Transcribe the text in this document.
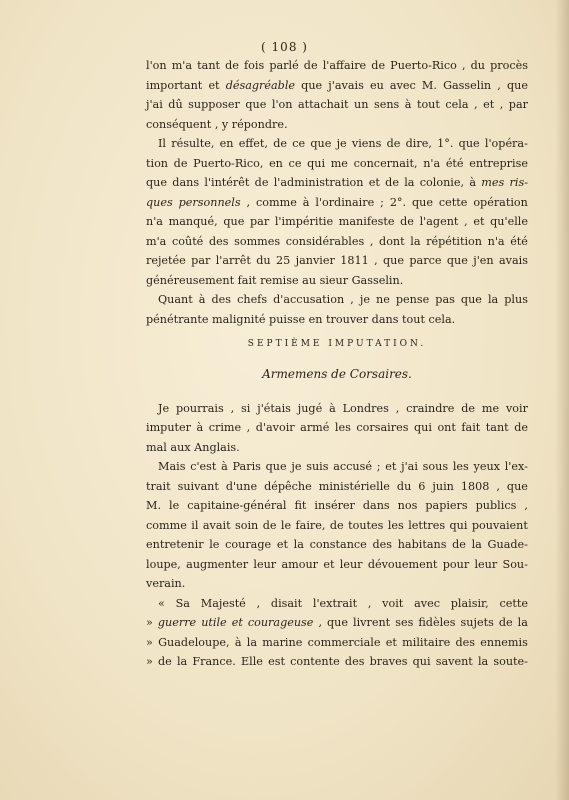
( 108 )
l'on m'a tant de fois parlé de l'affaire de Puerto-Rico , du procès
important et désagréable que j'avais eu avec M. Gasselin , que
j'ai dû supposer que l'on attachait un sens à tout cela , et , par
conséquent , y répondre.
Il résulte, en effet, de ce que je viens de dire, 1°. que l'opéra-
tion de Puerto-Rico, en ce qui me concernait, n'a été entreprise
que dans l'intérêt de l'administration et de la colonie, à mes ris-
ques personnels , comme à l'ordinaire ; 2°. que cette opération
n'a manqué, que par l'impéritie manifeste de l'agent , et qu'elle
m'a coûté des sommes considérables , dont la répétition n'a été
rejetée par l'arrêt du 25 janvier 1811 , que parce que j'en avais
généreusement fait remise au sieur Gasselin.
Quant à des chefs d'accusation , je ne pense pas que la plus
pénétrante malignité puisse en trouver dans tout cela.
SEPTIÈME IMPUTATION.
Armemens de Corsaires.
Je pourrais , si j'étais jugé à Londres , craindre de me voir
imputer à crime , d'avoir armé les corsaires qui ont fait tant de
mal aux Anglais.
Mais c'est à Paris que je suis accusé ; et j'ai sous les yeux l'ex-
trait suivant d'une dépêche ministérielle du 6 juin 1808 , que
M. le capitaine-général fit insérer dans nos papiers publics ,
comme il avait soin de le faire, de toutes les lettres qui pouvaient
entretenir le courage et la constance des habitans de la Guade-
loupe, augmenter leur amour et leur dévouement pour leur Sou-
verain.
« Sa Majesté , disait l'extrait , voit avec plaisir, cette
» guerre utile et courageuse , que livrent ses fidèles sujets de la
» Guadeloupe, à la marine commerciale et militaire des ennemis
» de la France. Elle est contente des braves qui savent la soute-
